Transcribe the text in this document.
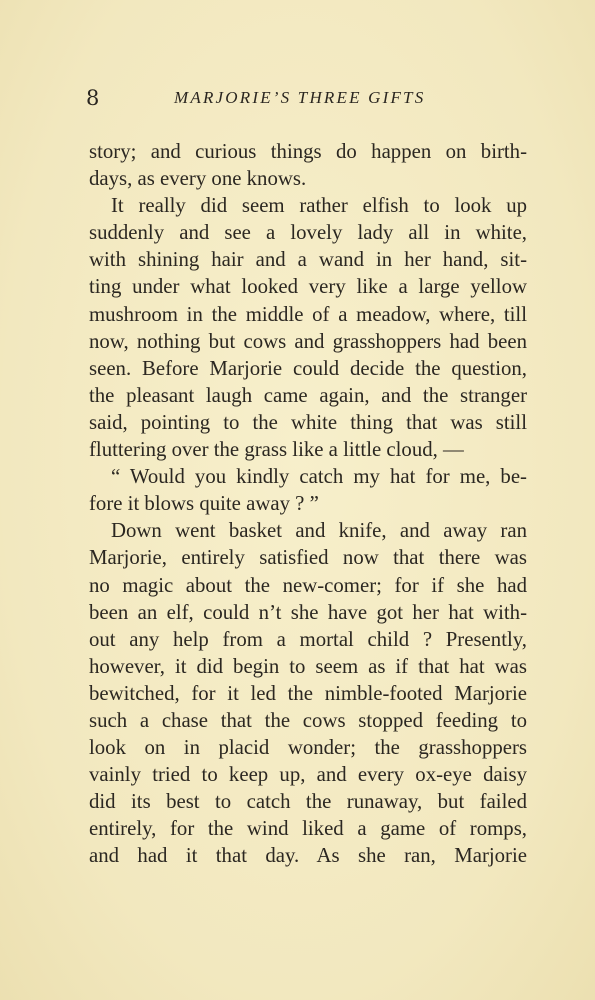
8	MARJORIE’S THREE GIFTS
story; and curious things do happen on birth-
days, as every one knows.
It really did seem rather elfish to look up
suddenly and see a lovely lady all in white,
with shining hair and a wand in her hand, sit-
ting under what looked very like a large yellow
mushroom in the middle of a meadow, where, till
now, nothing but cows and grasshoppers had been
seen. Before Marjorie could decide the question,
the pleasant laugh came again, and the stranger
said, pointing to the white thing that was still
fluttering over the grass like a little cloud, —
“ Would you kindly catch my hat for me, be-
fore it blows quite away ? ”
Down went basket and knife, and away ran
Marjorie, entirely satisfied now that there was
no magic about the new-comer; for if she had
been an elf, could n’t she have got her hat with-
out any help from a mortal child ? Presently,
however, it did begin to seem as if that hat was
bewitched, for it led the nimble-footed Marjorie
such a chase that the cows stopped feeding to
look on in placid wonder; the grasshoppers
vainly tried to keep up, and every ox-eye daisy
did its best to catch the runaway, but failed
entirely, for the wind liked a game of romps,
and had it that day. As she ran, Marjorie
